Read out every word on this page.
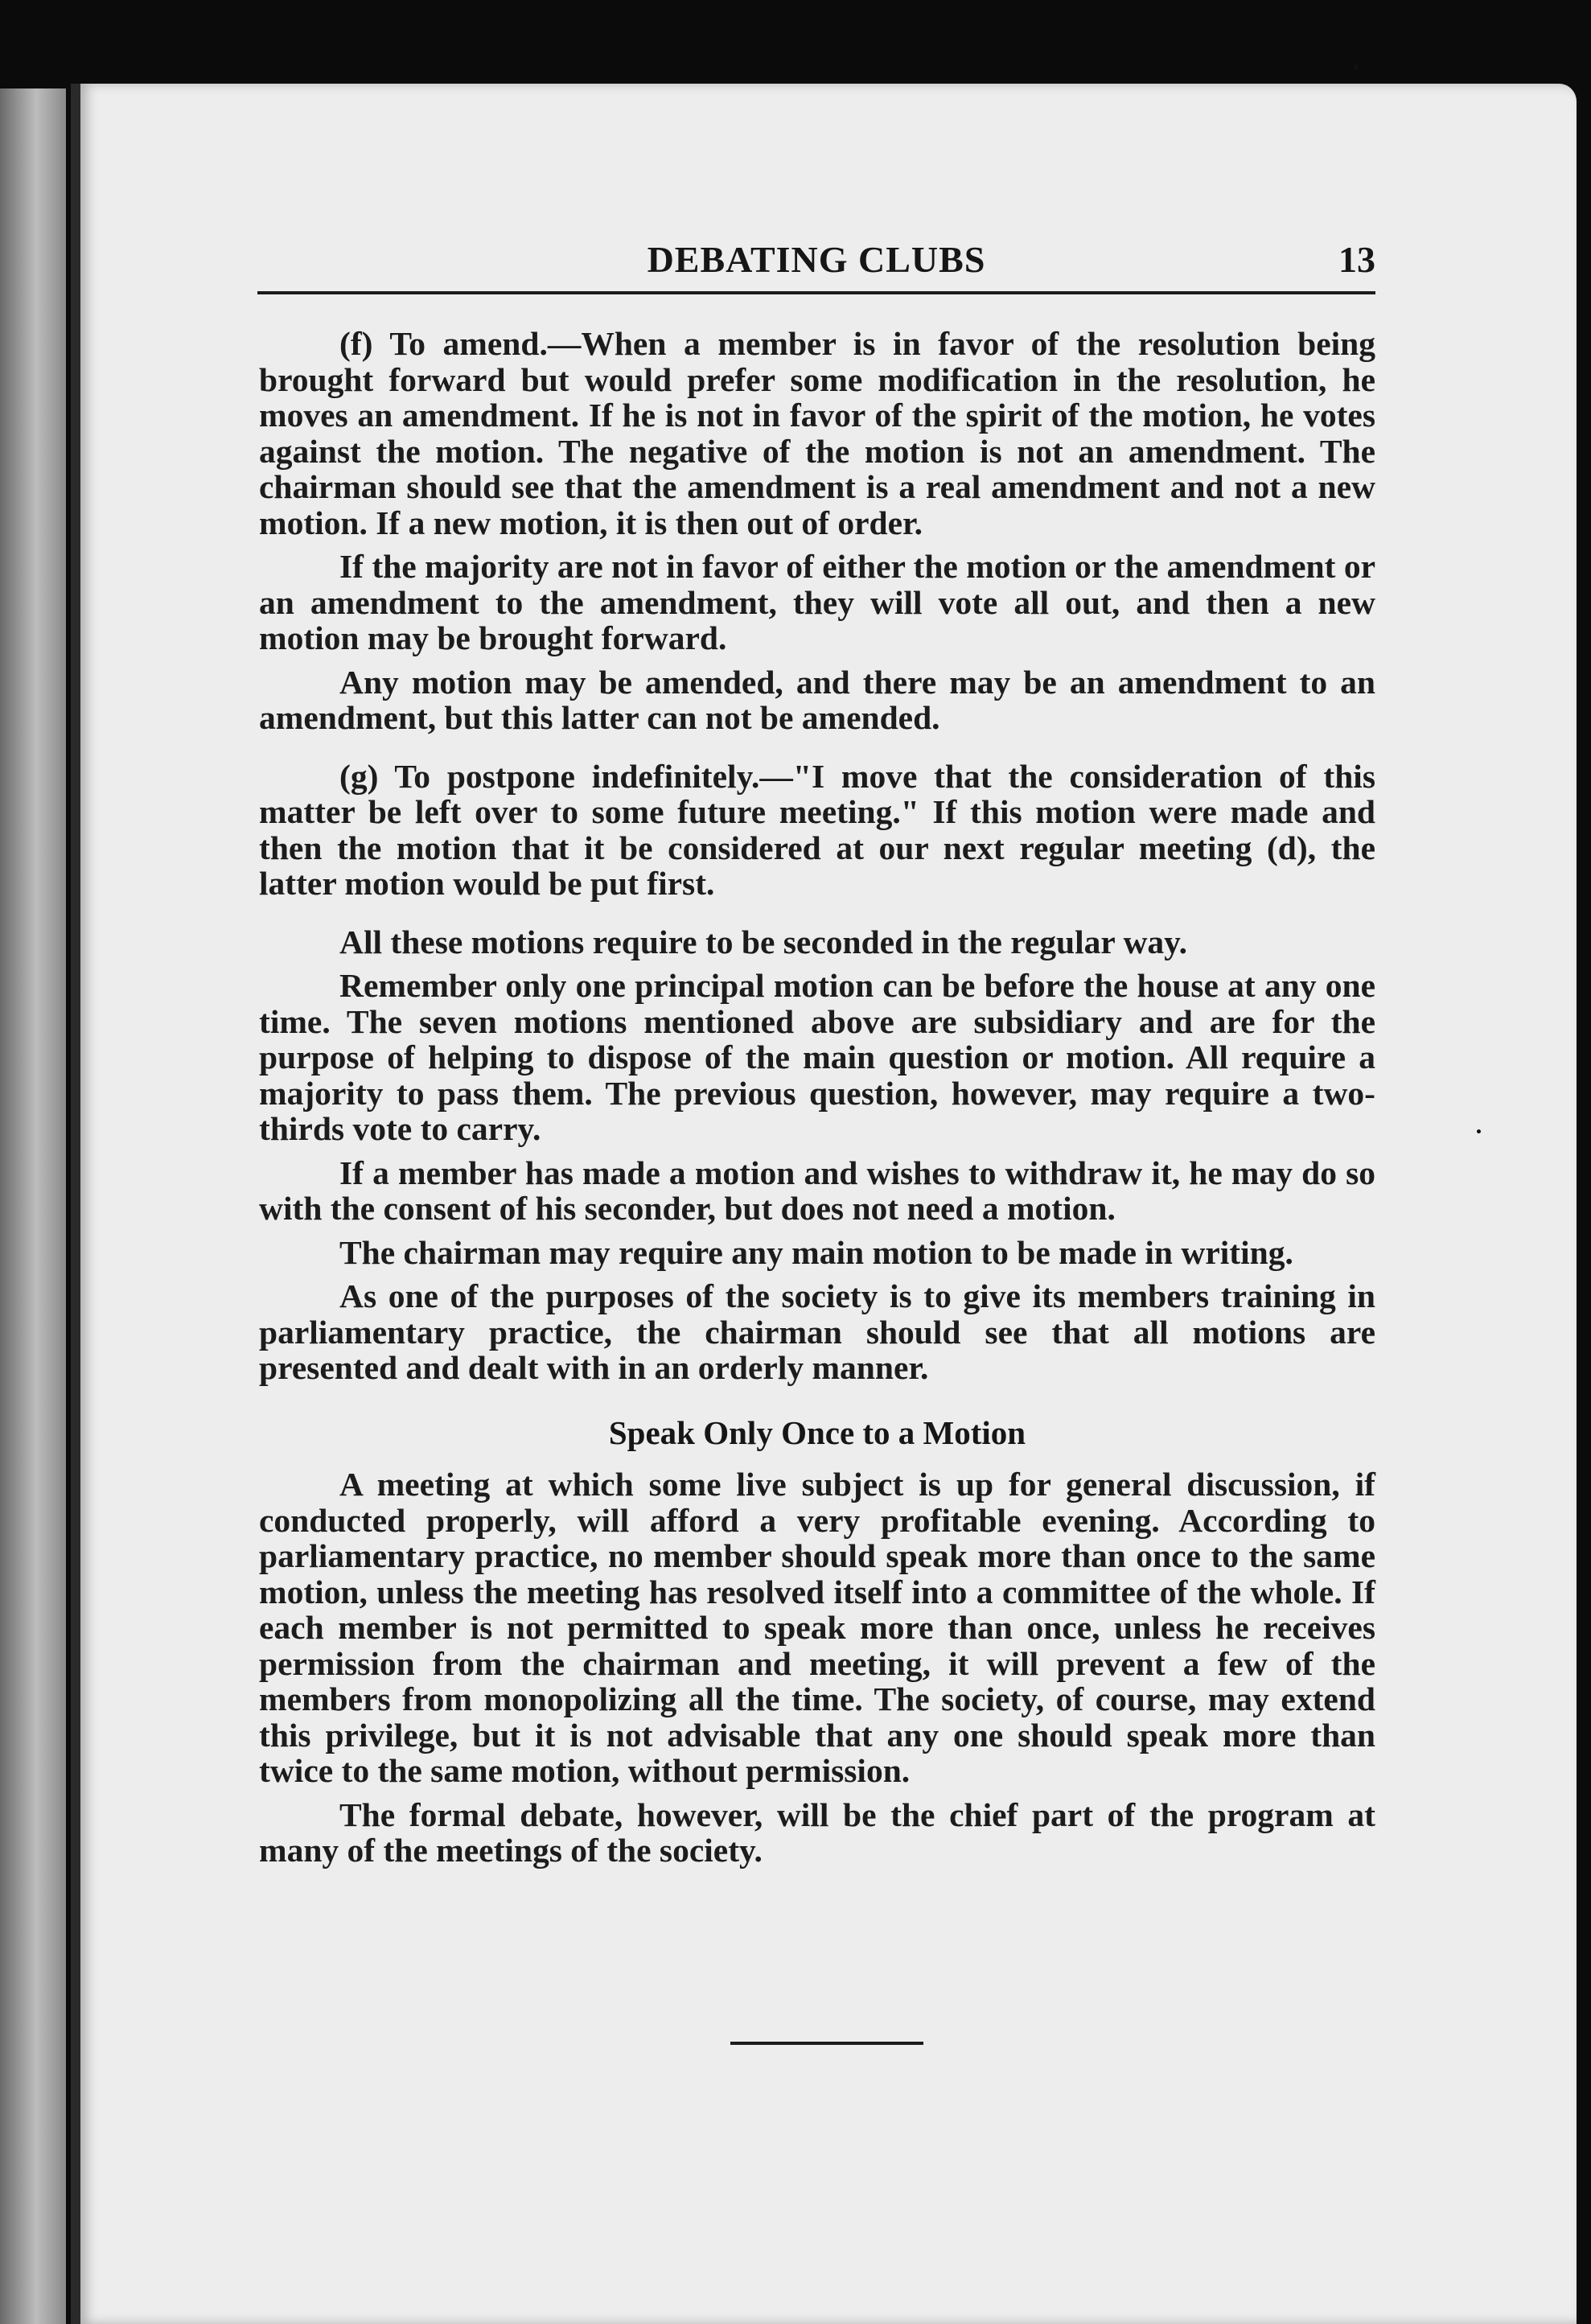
DEBATING CLUBS	13

(f) To amend.—When a member is in favor of the resolution being brought forward but would prefer some modification in the resolution, he moves an amendment. If he is not in favor of the spirit of the motion, he votes against the motion. The negative of the motion is not an amendment. The chairman should see that the amendment is a real amendment and not a new motion. If a new motion, it is then out of order.

If the majority are not in favor of either the motion or the amendment or an amendment to the amendment, they will vote all out, and then a new motion may be brought forward.

Any motion may be amended, and there may be an amendment to an amendment, but this latter can not be amended.

(g) To postpone indefinitely.—"I move that the consideration of this matter be left over to some future meeting." If this motion were made and then the motion that it be considered at our next regular meeting (d), the latter motion would be put first.

All these motions require to be seconded in the regular way.

Remember only one principal motion can be before the house at any one time. The seven motions mentioned above are subsidiary and are for the purpose of helping to dispose of the main question or motion. All require a majority to pass them. The previous question, however, may require a two-thirds vote to carry.

If a member has made a motion and wishes to withdraw it, he may do so with the consent of his seconder, but does not need a motion.

The chairman may require any main motion to be made in writing.

As one of the purposes of the society is to give its members training in parliamentary practice, the chairman should see that all motions are presented and dealt with in an orderly manner.

Speak Only Once to a Motion

A meeting at which some live subject is up for general discussion, if conducted properly, will afford a very profitable evening. According to parliamentary practice, no member should speak more than once to the same motion, unless the meeting has resolved itself into a committee of the whole. If each member is not permitted to speak more than once, unless he receives permission from the chairman and meeting, it will prevent a few of the members from monopolizing all the time. The society, of course, may extend this privilege, but it is not advisable that any one should speak more than twice to the same motion, without permission.

The formal debate, however, will be the chief part of the program at many of the meetings of the society.
